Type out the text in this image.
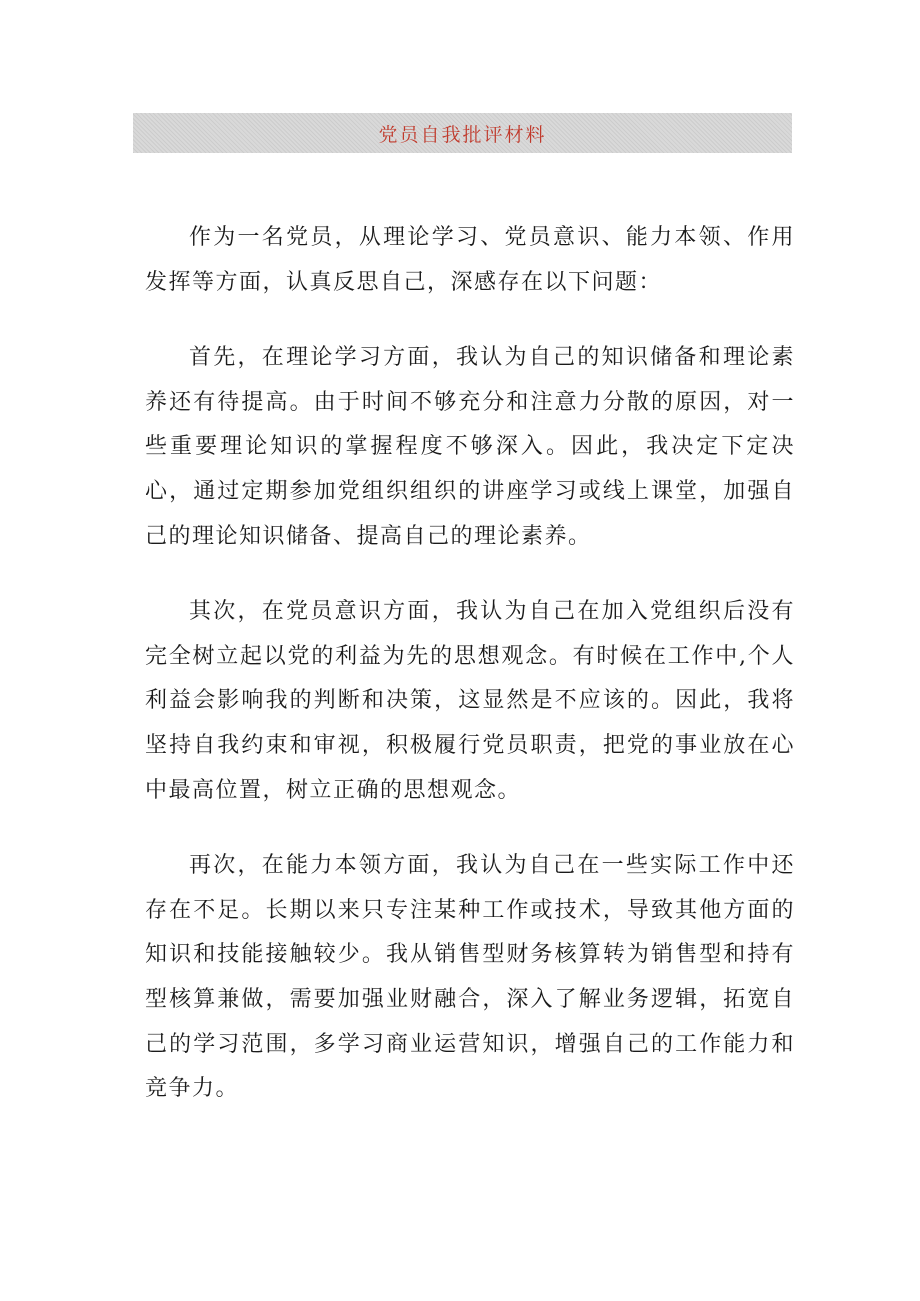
党员自我批评材料

作为一名党员，从理论学习、党员意识、能力本领、作用发挥等方面，认真反思自己，深感存在以下问题：

首先，在理论学习方面，我认为自己的知识储备和理论素养还有待提高。由于时间不够充分和注意力分散的原因，对一些重要理论知识的掌握程度不够深入。因此，我决定下定决心，通过定期参加党组织组织的讲座学习或线上课堂，加强自己的理论知识储备、提高自己的理论素养。

其次，在党员意识方面，我认为自己在加入党组织后没有完全树立起以党的利益为先的思想观念。有时候在工作中,个人利益会影响我的判断和决策，这显然是不应该的。因此，我将坚持自我约束和审视，积极履行党员职责，把党的事业放在心中最高位置，树立正确的思想观念。

再次，在能力本领方面，我认为自己在一些实际工作中还存在不足。长期以来只专注某种工作或技术，导致其他方面的知识和技能接触较少。我从销售型财务核算转为销售型和持有型核算兼做，需要加强业财融合，深入了解业务逻辑，拓宽自己的学习范围，多学习商业运营知识，增强自己的工作能力和竞争力。
